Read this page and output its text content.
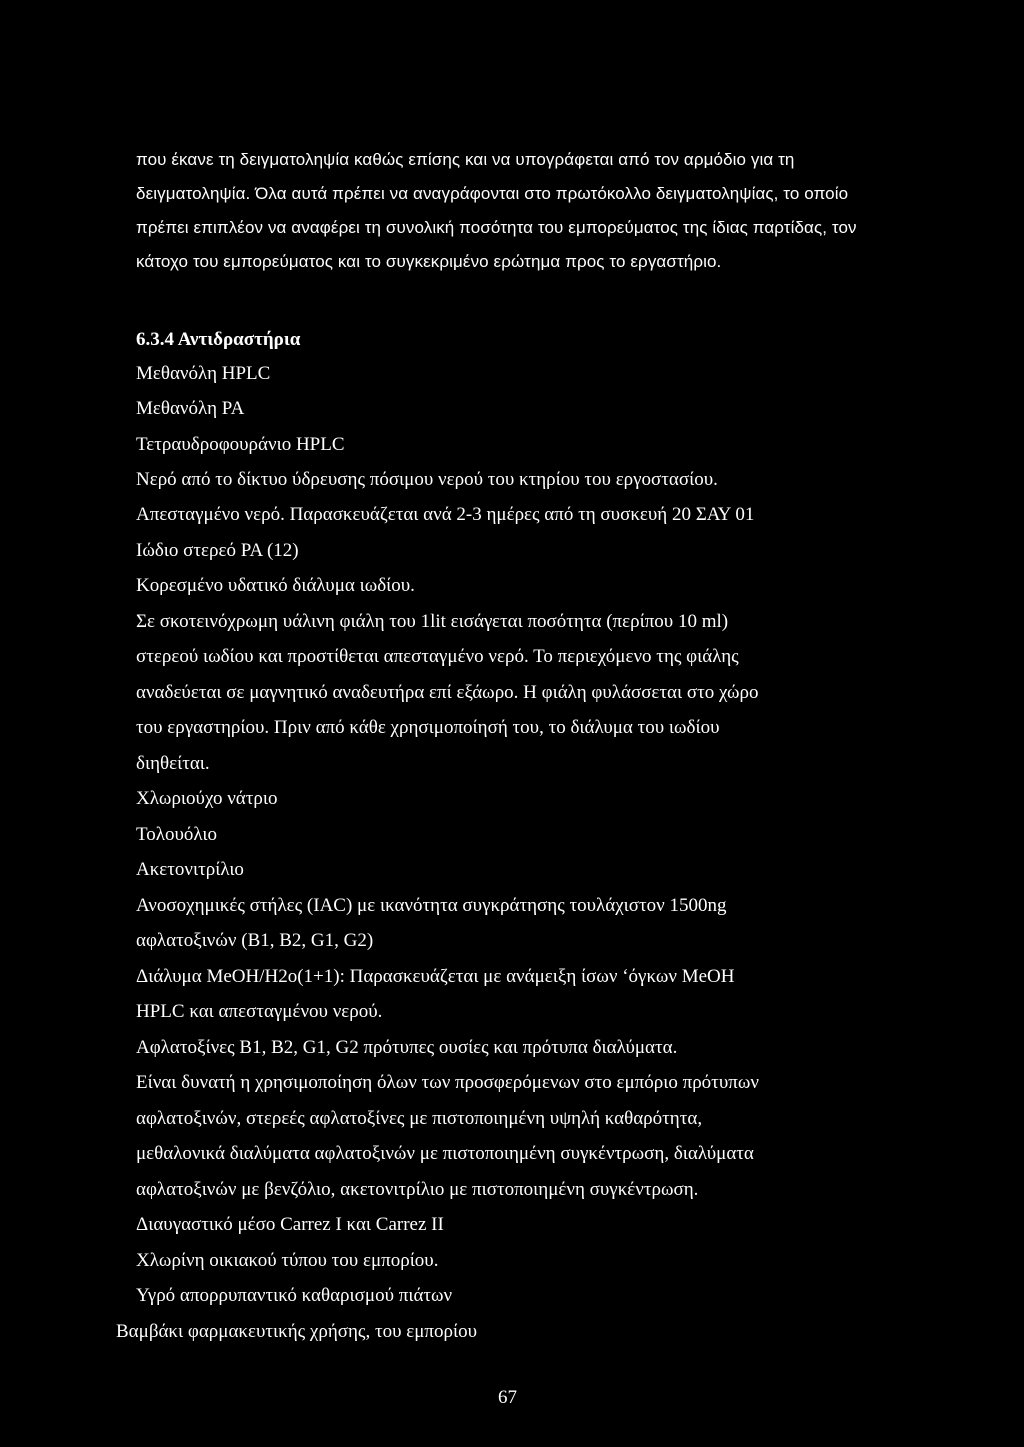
που έκανε τη δειγματοληψία καθώς επίσης και να υπογράφεται από τον αρμόδιο για τη
δειγματοληψία. Όλα αυτά πρέπει να αναγράφονται στο πρωτόκολλο δειγματοληψίας, το οποίο
πρέπει επιπλέον να αναφέρει τη συνολική ποσότητα του εμπορεύματος της ίδιας παρτίδας, τον
κάτοχο του εμπορεύματος και το συγκεκριμένο ερώτημα προς το εργαστήριο.
6.3.4 Αντιδραστήρια
Μεθανόλη HPLC
Μεθανόλη PA
Τετραυδροφουράνιο HPLC
Νερό από το δίκτυο ύδρευσης πόσιμου νερού του κτηρίου του εργοστασίου.
Απεσταγμένο νερό. Παρασκευάζεται ανά 2-3 ημέρες από τη συσκευή 20 ΣΑΥ 01
Ιώδιο στερεό PA (12)
Κορεσμένο υδατικό διάλυμα ιωδίου.
Σε σκοτεινόχρωμη υάλινη φιάλη του 1lit εισάγεται ποσότητα (περίπου 10 ml)
στερεού ιωδίου και προστίθεται απεσταγμένο νερό. Το περιεχόμενο της φιάλης
αναδεύεται σε μαγνητικό αναδευτήρα επί εξάωρο. Η φιάλη φυλάσσεται στο χώρο
του εργαστηρίου. Πριν από κάθε χρησιμοποίησή του, το διάλυμα του ιωδίου
διηθείται.
Χλωριούχο νάτριο
Τολουόλιο
Ακετονιτρίλιο
Ανοσοχημικές στήλες (IAC) με ικανότητα συγκράτησης τουλάχιστον 1500ng
αφλατοξινών (B1, B2, G1, G2)
Διάλυμα MeOH/H2o(1+1): Παρασκευάζεται με ανάμειξη ίσων ‘όγκων MeOH
HPLC και απεσταγμένου νερού.
Αφλατοξίνες B1, B2, G1, G2 πρότυπες ουσίες και πρότυπα διαλύματα.
Είναι δυνατή η χρησιμοποίηση όλων των προσφερόμενων στο εμπόριο πρότυπων
αφλατοξινών, στερεές αφλατοξίνες με πιστοποιημένη υψηλή καθαρότητα,
μεθαλονικά διαλύματα αφλατοξινών με πιστοποιημένη συγκέντρωση, διαλύματα
αφλατοξινών με βενζόλιο, ακετονιτρίλιο με πιστοποιημένη συγκέντρωση.
Διαυγαστικό μέσο Carrez I και Carrez II
Χλωρίνη οικιακού τύπου του εμπορίου.
Υγρό απορρυπαντικό καθαρισμού πιάτων
Βαμβάκι φαρμακευτικής χρήσης, του εμπορίου
67
